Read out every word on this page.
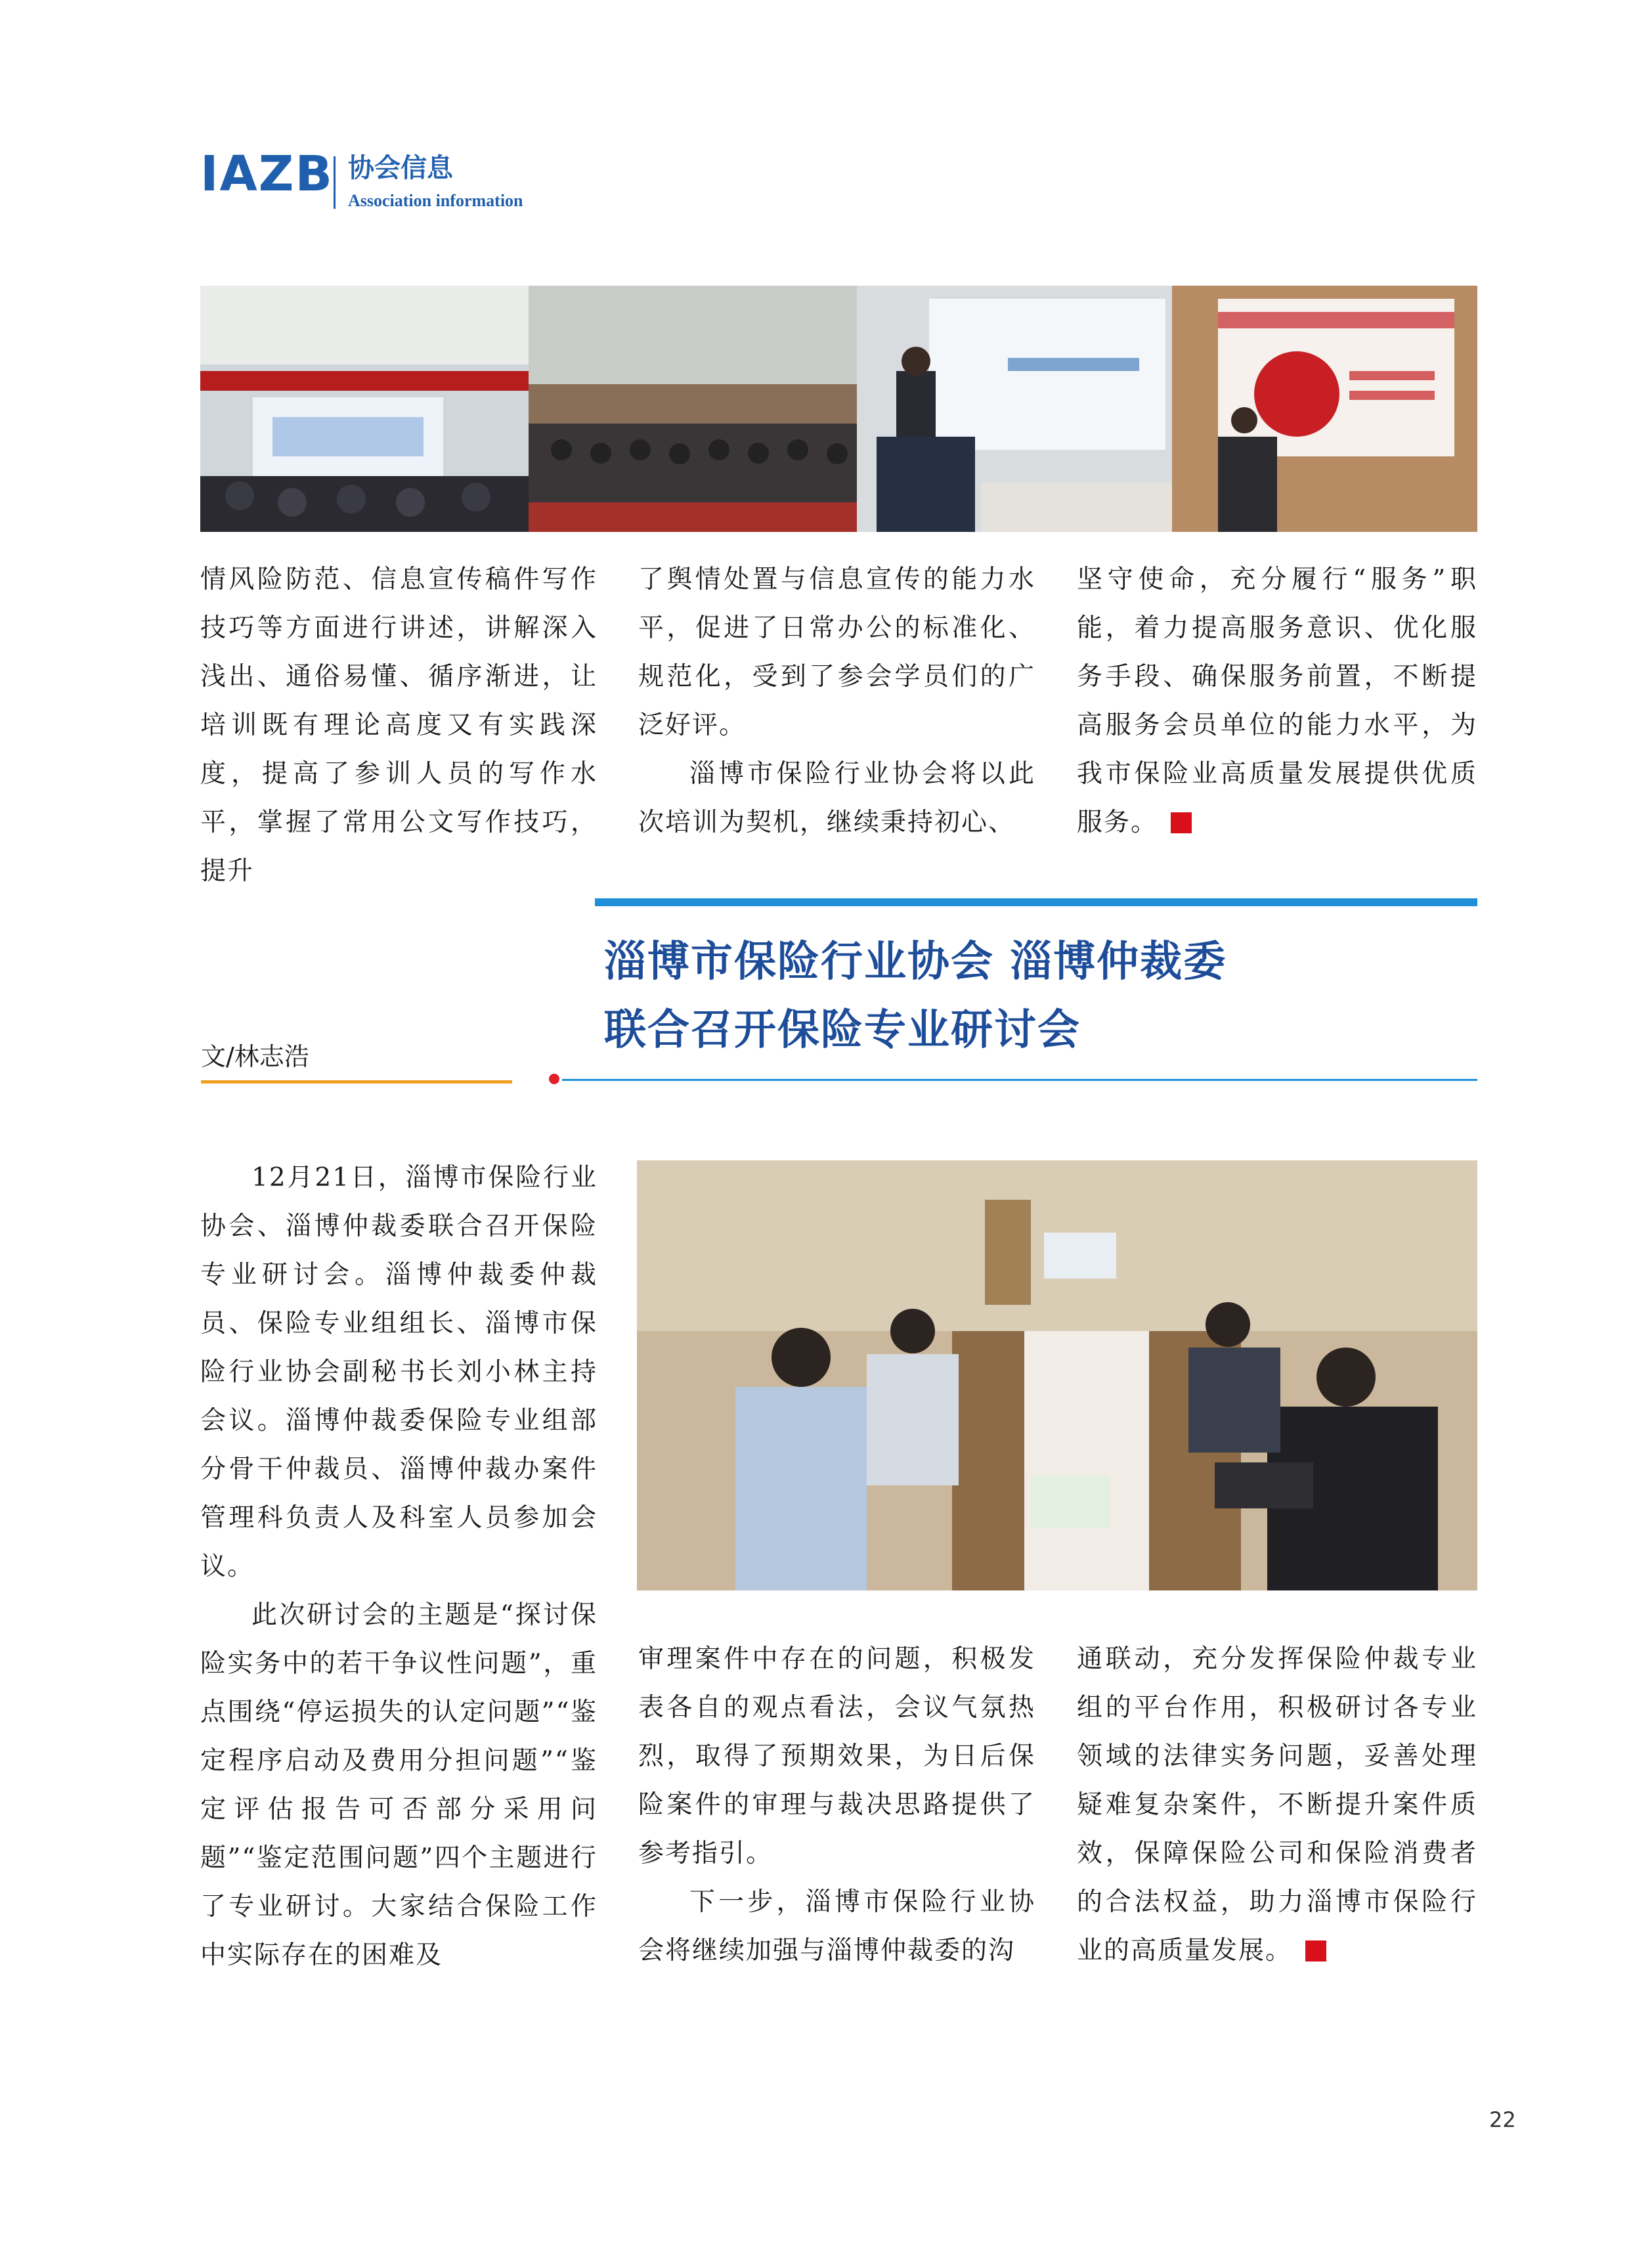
IAZB 协会信息
Association information

情风险防范、信息宣传稿件写作技巧等方面进行讲述，讲解深入浅出、通俗易懂、循序渐进，让培训既有理论高度又有实践深度，提高了参训人员的写作水平，掌握了常用公文写作技巧，提升

了舆情处置与信息宣传的能力水平，促进了日常办公的标准化、规范化，受到了参会学员们的广泛好评。

淄博市保险行业协会将以此次培训为契机，继续秉持初心、

坚守使命，充分履行“服务”职能，着力提高服务意识、优化服务手段、确保服务前置，不断提高服务会员单位的能力水平，为我市保险业高质量发展提供优质服务。

淄博市保险行业协会 淄博仲裁委
联合召开保险专业研讨会
文/林志浩

12月21日，淄博市保险行业协会、淄博仲裁委联合召开保险专业研讨会。淄博仲裁委仲裁员、保险专业组组长、淄博市保险行业协会副秘书长刘小林主持会议。淄博仲裁委保险专业组部分骨干仲裁员、淄博仲裁办案件管理科负责人及科室人员参加会议。

此次研讨会的主题是“探讨保险实务中的若干争议性问题”，重点围绕“停运损失的认定问题”“鉴定程序启动及费用分担问题”“鉴定评估报告可否部分采用问题”“鉴定范围问题”四个主题进行了专业研讨。大家结合保险工作中实际存在的困难及

审理案件中存在的问题，积极发表各自的观点看法，会议气氛热烈，取得了预期效果，为日后保险案件的审理与裁决思路提供了参考指引。

下一步，淄博市保险行业协会将继续加强与淄博仲裁委的沟

通联动，充分发挥保险仲裁专业组的平台作用，积极研讨各专业领域的法律实务问题，妥善处理疑难复杂案件，不断提升案件质效，保障保险公司和保险消费者的合法权益，助力淄博市保险行业的高质量发展。

22
